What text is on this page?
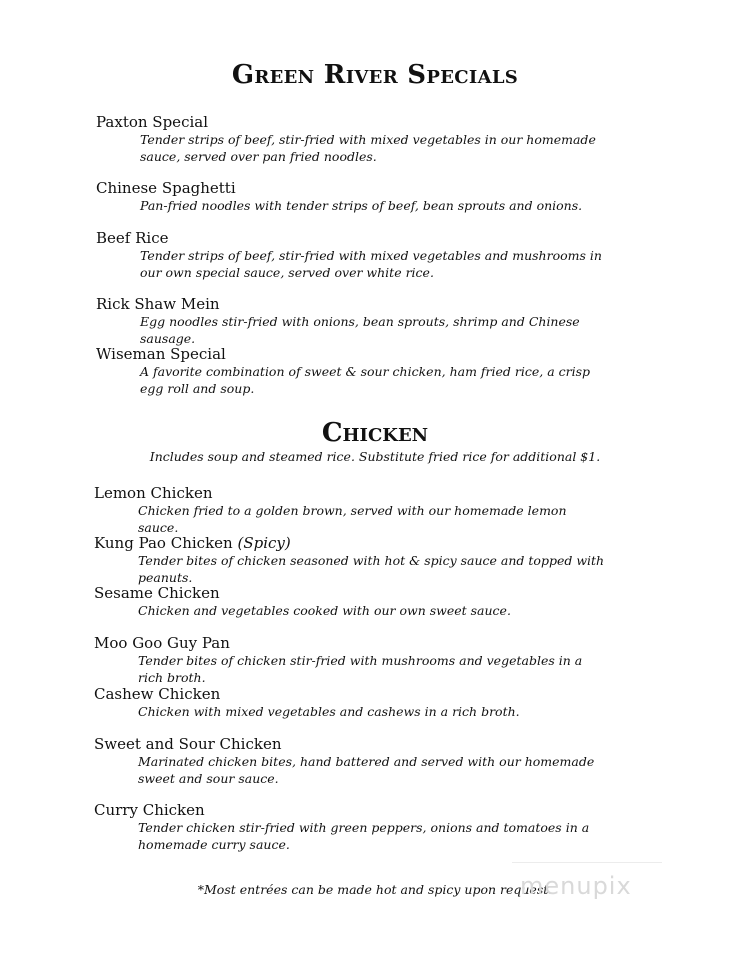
Green River Specials
Paxton Special
Tender strips of beef, stir-fried with mixed vegetables in our homemade sauce, served over pan fried noodles.
Chinese Spaghetti
Pan-fried noodles with tender strips of beef, bean sprouts and onions.
Beef Rice
Tender strips of beef, stir-fried with mixed vegetables and mushrooms in our own special sauce, served over white rice.
Rick Shaw Mein
Egg noodles stir-fried with onions, bean sprouts, shrimp and Chinese sausage.
Wiseman Special
A favorite combination of sweet & sour chicken, ham fried rice, a crisp egg roll and soup.
Chicken
Includes soup and steamed rice. Substitute fried rice for additional $1.
Lemon Chicken
Chicken fried to a golden brown, served with our homemade lemon sauce.
Kung Pao Chicken (Spicy)
Tender bites of chicken seasoned with hot & spicy sauce and topped with peanuts.
Sesame Chicken
Chicken and vegetables cooked with our own sweet sauce.
Moo Goo Guy Pan
Tender bites of chicken stir-fried with mushrooms and vegetables in a rich broth.
Cashew Chicken
Chicken with mixed vegetables and cashews in a rich broth.
Sweet and Sour Chicken
Marinated chicken bites, hand battered and served with our homemade sweet and sour sauce.
Curry Chicken
Tender chicken stir-fried with green peppers, onions and tomatoes in a homemade curry sauce.
*Most entrées can be made hot and spicy upon request.
menupix
